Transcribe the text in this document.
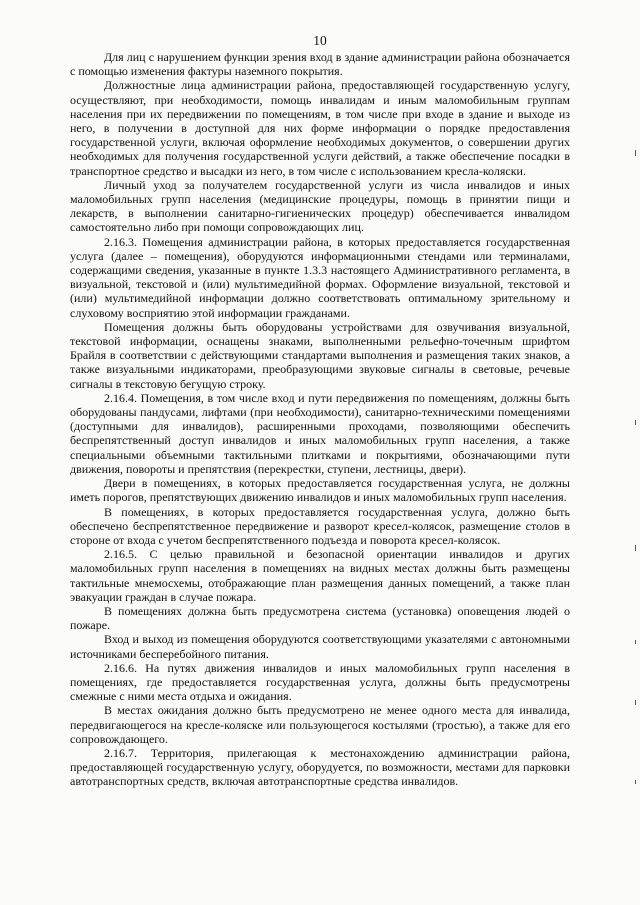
10

Для лиц с нарушением функции зрения вход в здание администрации района обозначается с помощью изменения фактуры наземного покрытия.

Должностные лица администрации района, предоставляющей государственную услугу, осуществляют, при необходимости, помощь инвалидам и иным маломобильным группам населения при их передвижении по помещениям, в том числе при входе в здание и выходе из него, в получении в доступной для них форме информации о порядке предоставления государственной услуги, включая оформление необходимых документов, о совершении других необходимых для получения государственной услуги действий, а также обеспечение посадки в транспортное средство и высадки из него, в том числе с использованием кресла-коляски.

Личный уход за получателем государственной услуги из числа инвалидов и иных маломобильных групп населения (медицинские процедуры, помощь в принятии пищи и лекарств, в выполнении санитарно-гигиенических процедур) обеспечивается инвалидом самостоятельно либо при помощи сопровождающих лиц.

2.16.3. Помещения администрации района, в которых предоставляется государственная услуга (далее – помещения), оборудуются информационными стендами или терминалами, содержащими сведения, указанные в пункте 1.3.3 настоящего Административного регламента, в визуальной, текстовой и (или) мультимедийной формах. Оформление визуальной, текстовой и (или) мультимедийной информации должно соответствовать оптимальному зрительному и слуховому восприятию этой информации гражданами.

Помещения должны быть оборудованы устройствами для озвучивания визуальной, текстовой информации, оснащены знаками, выполненными рельефно-точечным шрифтом Брайля в соответствии с действующими стандартами выполнения и размещения таких знаков, а также визуальными индикаторами, преобразующими звуковые сигналы в световые, речевые сигналы в текстовую бегущую строку.

2.16.4. Помещения, в том числе вход и пути передвижения по помещениям, должны быть оборудованы пандусами, лифтами (при необходимости), санитарно-техническими помещениями (доступными для инвалидов), расширенными проходами, позволяющими обеспечить беспрепятственный доступ инвалидов и иных маломобильных групп населения, а также специальными объемными тактильными плитками и покрытиями, обозначающими пути движения, повороты и препятствия (перекрестки, ступени, лестницы, двери).

Двери в помещениях, в которых предоставляется государственная услуга, не должны иметь порогов, препятствующих движению инвалидов и иных маломобильных групп населения.

В помещениях, в которых предоставляется государственная услуга, должно быть обеспечено беспрепятственное передвижение и разворот кресел-колясок, размещение столов в стороне от входа с учетом беспрепятственного подъезда и поворота кресел-колясок.

2.16.5. С целью правильной и безопасной ориентации инвалидов и других маломобильных групп населения в помещениях на видных местах должны быть размещены тактильные мнемосхемы, отображающие план размещения данных помещений, а также план эвакуации граждан в случае пожара.

В помещениях должна быть предусмотрена система (установка) оповещения людей о пожаре.

Вход и выход из помещения оборудуются соответствующими указателями с автономными источниками бесперебойного питания.

2.16.6. На путях движения инвалидов и иных маломобильных групп населения в помещениях, где предоставляется государственная услуга, должны быть предусмотрены смежные с ними места отдыха и ожидания.

В местах ожидания должно быть предусмотрено не менее одного места для инвалида, передвигающегося на кресле-коляске или пользующегося костылями (тростью), а также для его сопровождающего.

2.16.7. Территория, прилегающая к местонахождению администрации района, предоставляющей государственную услугу, оборудуется, по возможности, местами для парковки автотранспортных средств, включая автотранспортные средства инвалидов.
